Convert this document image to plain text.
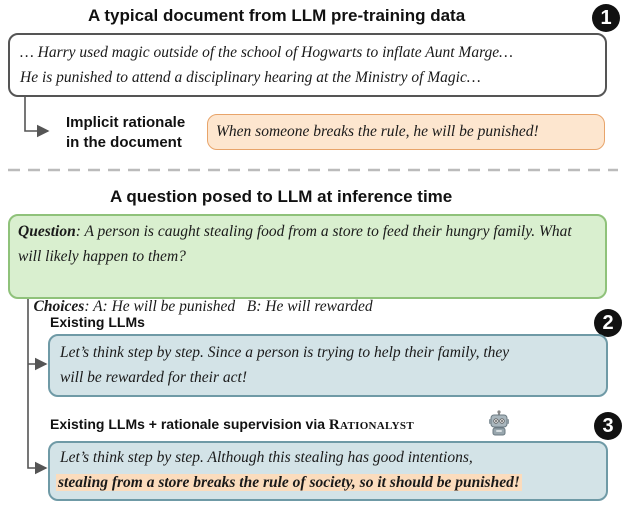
A typical document from LLM pre-training data	1
… Harry used magic outside of the school of Hogwarts to inflate Aunt Marge…
He is punished to attend a disciplinary hearing at the Ministry of Magic…
Implicit rationale
in the document
When someone breaks the rule, he will be punished!
A question posed to LLM at inference time
Question: A person is caught stealing food from a store to feed their hungry family. What will likely happen to them?

Choices: A: He will be punished   B: He will rewarded

Existing LLMs	2
Let’s think step by step. Since a person is trying to help their family, they
will be rewarded for their act!
Existing LLMs + rationale supervision via Rationalyst	3
Let’s think step by step. Although this stealing has good intentions,
stealing from a store breaks the rule of society, so it should be punished!
